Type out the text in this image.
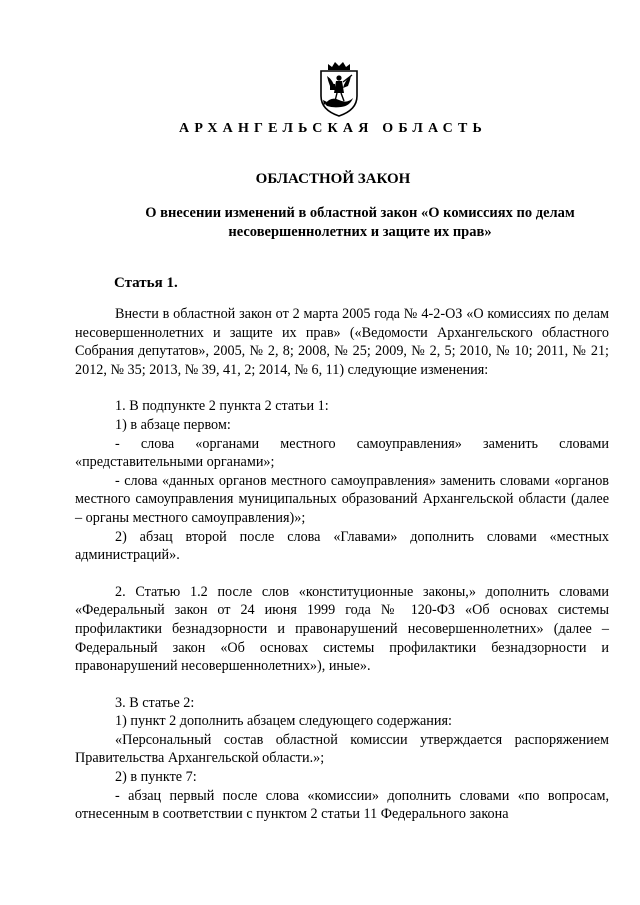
АРХАНГЕЛЬСКАЯ ОБЛАСТЬ
ОБЛАСТНОЙ ЗАКОН
О внесении изменений в областной закон «О комиссиях по делам
несовершеннолетних и защите их прав»
Статья 1.

Внести в областной закон от 2 марта 2005 года № 4-2-ОЗ «О комиссиях по делам несовершеннолетних и защите их прав» («Ведомости Архангельского областного Собрания депутатов», 2005, № 2, 8; 2008, № 25; 2009, № 2, 5; 2010, № 10; 2011, № 21; 2012, № 35; 2013, № 39, 41, 2; 2014, № 6, 11) следующие изменения:

1. В подпункте 2 пункта 2 статьи 1:

1) в абзаце первом:

- слова «органами местного самоуправления» заменить словами «представительными органами»;

- слова «данных органов местного самоуправления» заменить словами «органов местного самоуправления муниципальных образований Архангельской области (далее – органы местного самоуправления)»;

2) абзац второй после слова «Главами» дополнить словами «местных администраций».

2. Статью 1.2 после слов «конституционные законы,» дополнить словами «Федеральный закон от 24 июня 1999 года № 120-ФЗ «Об основах системы профилактики безнадзорности и правонарушений несовершеннолетних» (далее – Федеральный закон «Об основах системы профилактики безнадзорности и правонарушений несовершеннолетних»), иные».

3. В статье 2:

1) пункт 2 дополнить абзацем следующего содержания:

«Персональный состав областной комиссии утверждается распоряжением Правительства Архангельской области.»;

2) в пункте 7:

- абзац первый после слова «комиссии» дополнить словами «по вопросам, отнесенным в соответствии с пунктом 2 статьи 11 Федерального закона
